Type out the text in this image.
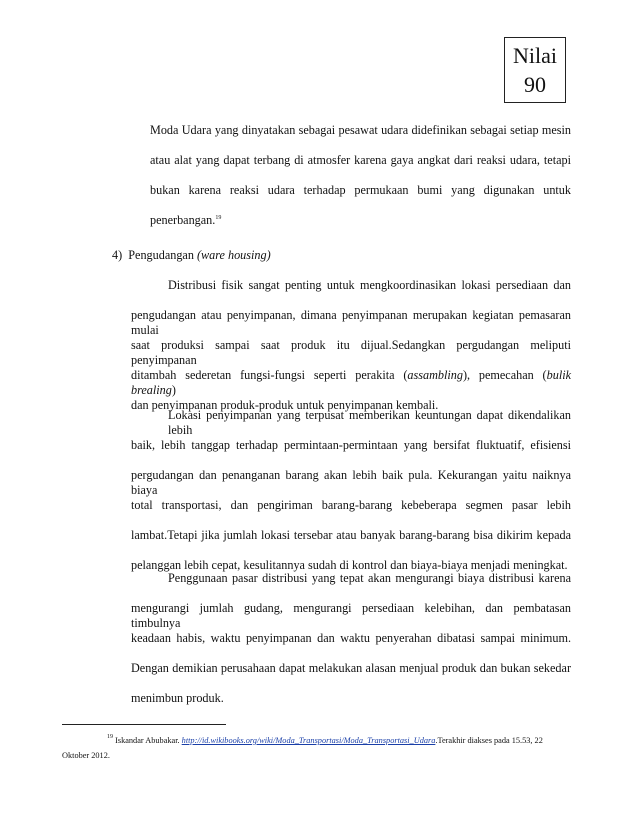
Nilai
90
Moda Udara yang dinyatakan sebagai pesawat udara didefinikan sebagai setiap mesin
atau alat yang dapat terbang di atmosfer karena gaya angkat dari reaksi udara, tetapi
bukan karena reaksi udara terhadap permukaan bumi yang digunakan untuk
penerbangan.$^{19}$
4) Pengudangan (ware housing)
Distribusi fisik sangat penting untuk mengkoordinasikan lokasi persediaan dan
pengudangan atau penyimpanan, dimana penyimpanan merupakan kegiatan pemasaran mulai
saat produksi sampai saat produk itu dijual.Sedangkan pergudangan meliputi penyimpanan
ditambah sederetan fungsi-fungsi seperti perakita (assambling), pemecahan (bulik brealing)
dan penyimpanan produk-produk untuk penyimpanan kembali.
Lokasi penyimpanan yang terpusat memberikan keuntungan dapat dikendalikan lebih
baik, lebih tanggap terhadap permintaan-permintaan yang bersifat fluktuatif, efisiensi
pergudangan dan penanganan barang akan lebih baik pula. Kekurangan yaitu naiknya biaya
total transportasi, dan pengiriman barang-barang kebeberapa segmen pasar lebih
lambat.Tetapi jika jumlah lokasi tersebar atau banyak barang-barang bisa dikirim kepada
pelanggan lebih cepat, kesulitannya sudah di kontrol dan biaya-biaya menjadi meningkat.
Penggunaan pasar distribusi yang tepat akan mengurangi biaya distribusi karena
mengurangi jumlah gudang, mengurangi persediaan kelebihan, dan pembatasan timbulnya
keadaan habis, waktu penyimpanan dan waktu penyerahan dibatasi sampai minimum.
Dengan demikian perusahaan dapat melakukan alasan menjual produk dan bukan sekedar
menimbun produk.
$^{19}$ Iskandar Abubakar. http://id.wikibooks.org/wiki/Moda_Transportasi/Moda_Transportasi_Udara.Terakhir diakses pada 15.53, 22
Oktober 2012.
